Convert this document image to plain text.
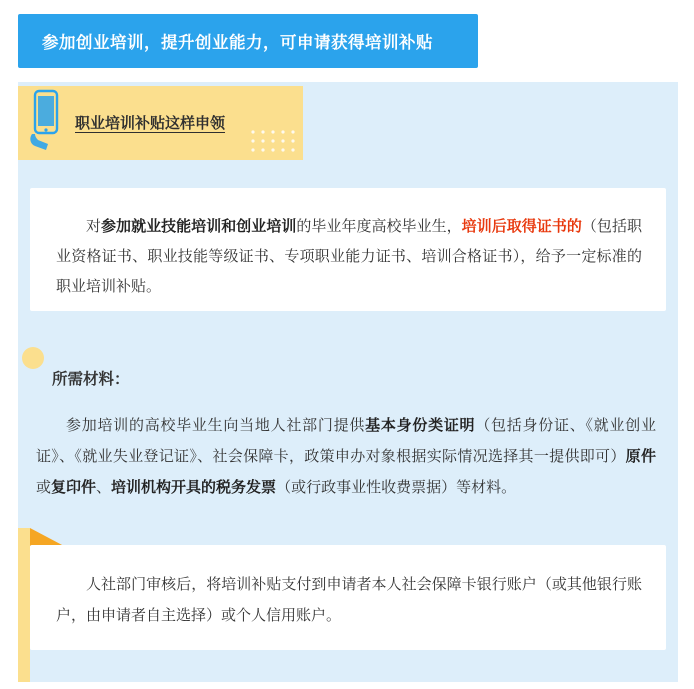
参加创业培训，提升创业能力，可申请获得培训补贴
职业培训补贴这样申领
对参加就业技能培训和创业培训的毕业年度高校毕业生，培训后取得证书的（包括职业资格证书、职业技能等级证书、专项职业能力证书、培训合格证书），给予一定标准的职业培训补贴。
所需材料：
参加培训的高校毕业生向当地人社部门提供基本身份类证明（包括身份证、《就业创业证》、《就业失业登记证》、社会保障卡，政策申办对象根据实际情况选择其一提供即可）原件或复印件、培训机构开具的税务发票（或行政事业性收费票据）等材料。
人社部门审核后，将培训补贴支付到申请者本人社会保障卡银行账户（或其他银行账户，由申请者自主选择）或个人信用账户。
